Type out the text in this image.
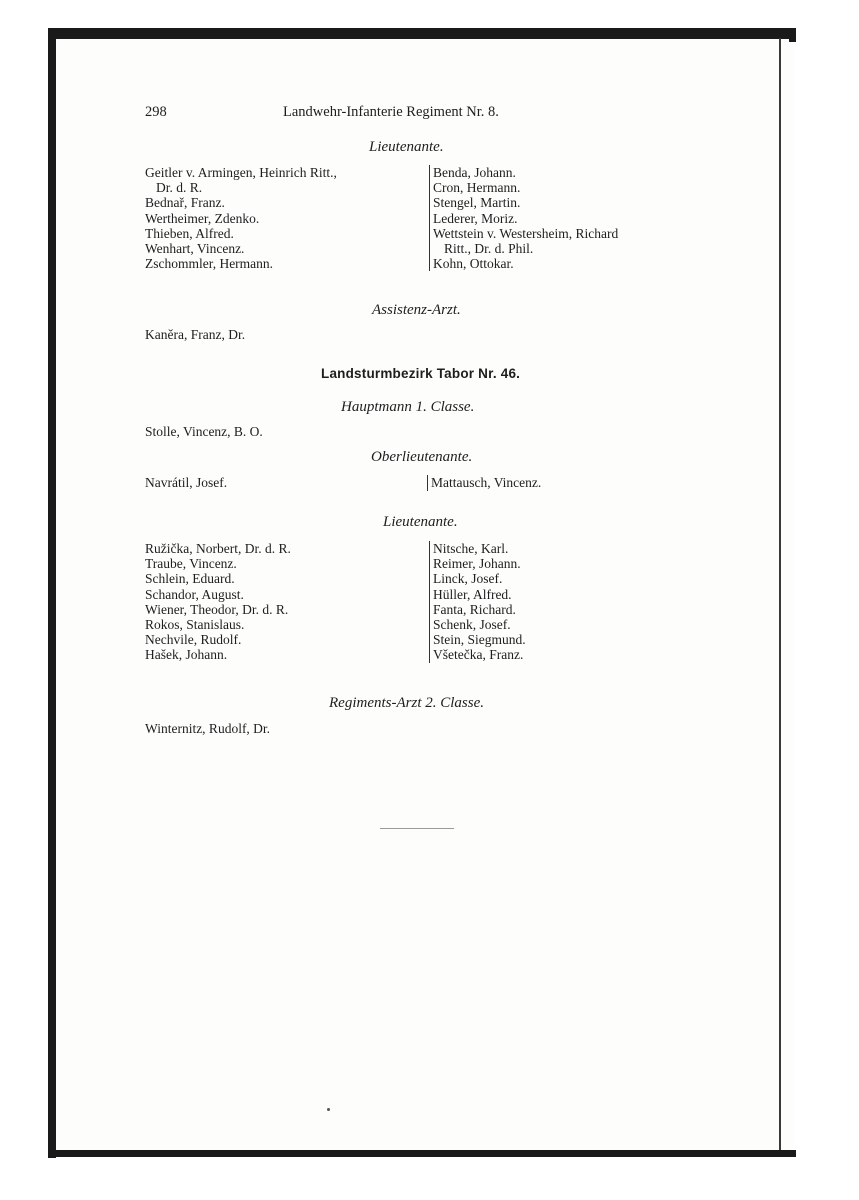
298	Landwehr-Infanterie Regiment Nr. 8.
Lieutenante.
Geitler v. Armingen, Heinrich Ritt.,
Dr. d. R.
Bednař, Franz.
Wertheimer, Zdenko.
Thieben, Alfred.
Wenhart, Vincenz.
Zschommler, Hermann.
Benda, Johann.
Cron, Hermann.
Stengel, Martin.
Lederer, Moriz.
Wettstein v. Westersheim, Richard
Ritt., Dr. d. Phil.
Kohn, Ottokar.
Assistenz-Arzt.
Kaněra, Franz, Dr.
Landsturmbezirk Tabor Nr. 46.
Hauptmann 1. Classe.
Stolle, Vincenz, B. O.
Oberlieutenante.
Navrátil, Josef.	Mattausch, Vincenz.
Lieutenante.
Ružička, Norbert, Dr. d. R.
Traube, Vincenz.
Schlein, Eduard.
Schandor, August.
Wiener, Theodor, Dr. d. R.
Rokos, Stanislaus.
Nechvile, Rudolf.
Hašek, Johann.
Nitsche, Karl.
Reimer, Johann.
Linck, Josef.
Hüller, Alfred.
Fanta, Richard.
Schenk, Josef.
Stein, Siegmund.
Všetečka, Franz.
Regiments-Arzt 2. Classe.
Winternitz, Rudolf, Dr.
